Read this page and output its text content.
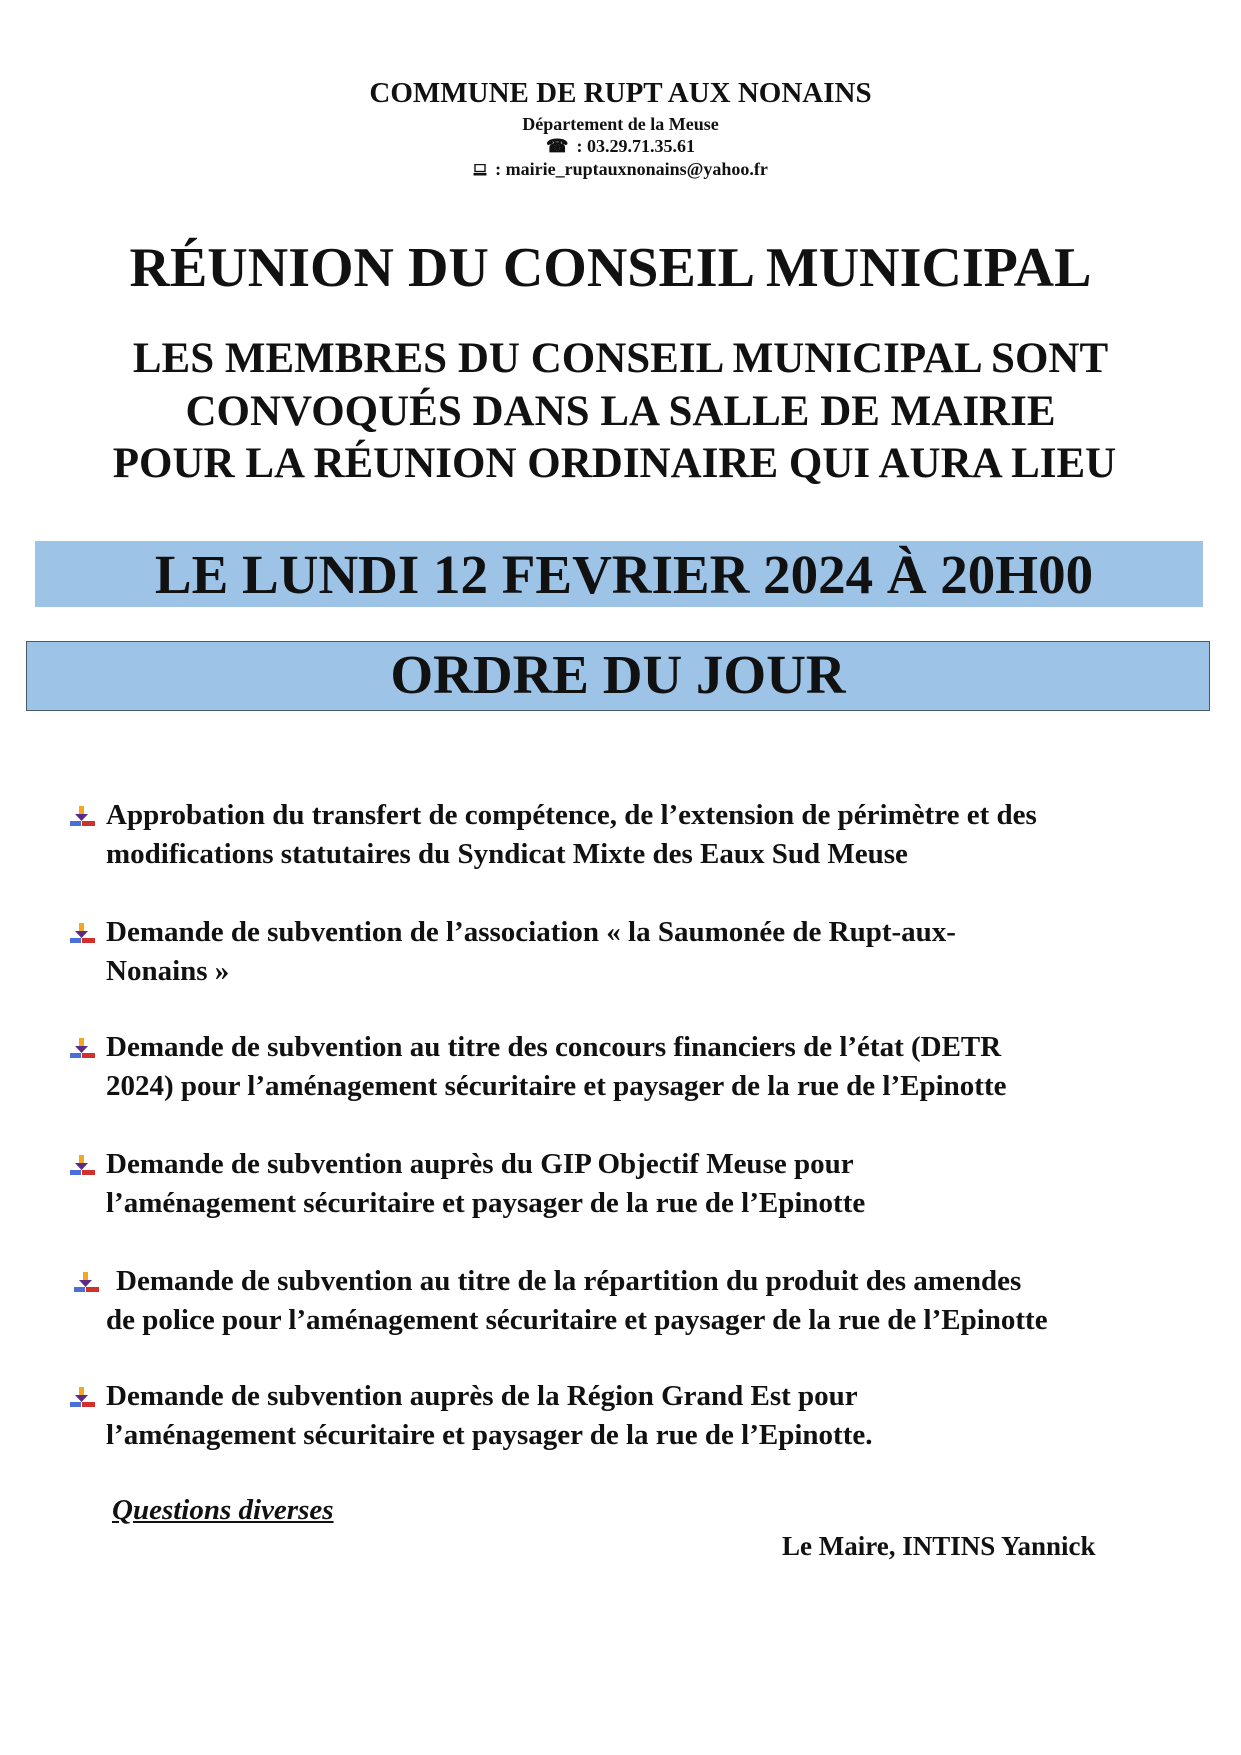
COMMUNE DE RUPT AUX NONAINS
Département de la Meuse
☎ : 03.29.71.35.61
: mairie_ruptauxnonains@yahoo.fr
RÉUNION DU CONSEIL MUNICIPAL
LES MEMBRES DU CONSEIL MUNICIPAL SONT
CONVOQUÉS DANS LA SALLE DE MAIRIE
POUR LA RÉUNION ORDINAIRE QUI AURA LIEU
LE LUNDI 12 FEVRIER 2024 À 20H00
ORDRE DU JOUR
Approbation du transfert de compétence, de l’extension de périmètre et des
modifications statutaires du Syndicat Mixte des Eaux Sud Meuse
Demande de subvention de l’association « la Saumonée de Rupt-aux-
Nonains »
Demande de subvention au titre des concours financiers de l’état (DETR
2024) pour l’aménagement sécuritaire et paysager de la rue de l’Epinotte
Demande de subvention auprès du GIP Objectif Meuse pour
l’aménagement sécuritaire et paysager de la rue de l’Epinotte
Demande de subvention au titre de la répartition du produit des amendes
de police pour l’aménagement sécuritaire et paysager de la rue de l’Epinotte
Demande de subvention auprès de la Région Grand Est pour
l’aménagement sécuritaire et paysager de la rue de l’Epinotte.
Questions diverses
Le Maire, INTINS Yannick
